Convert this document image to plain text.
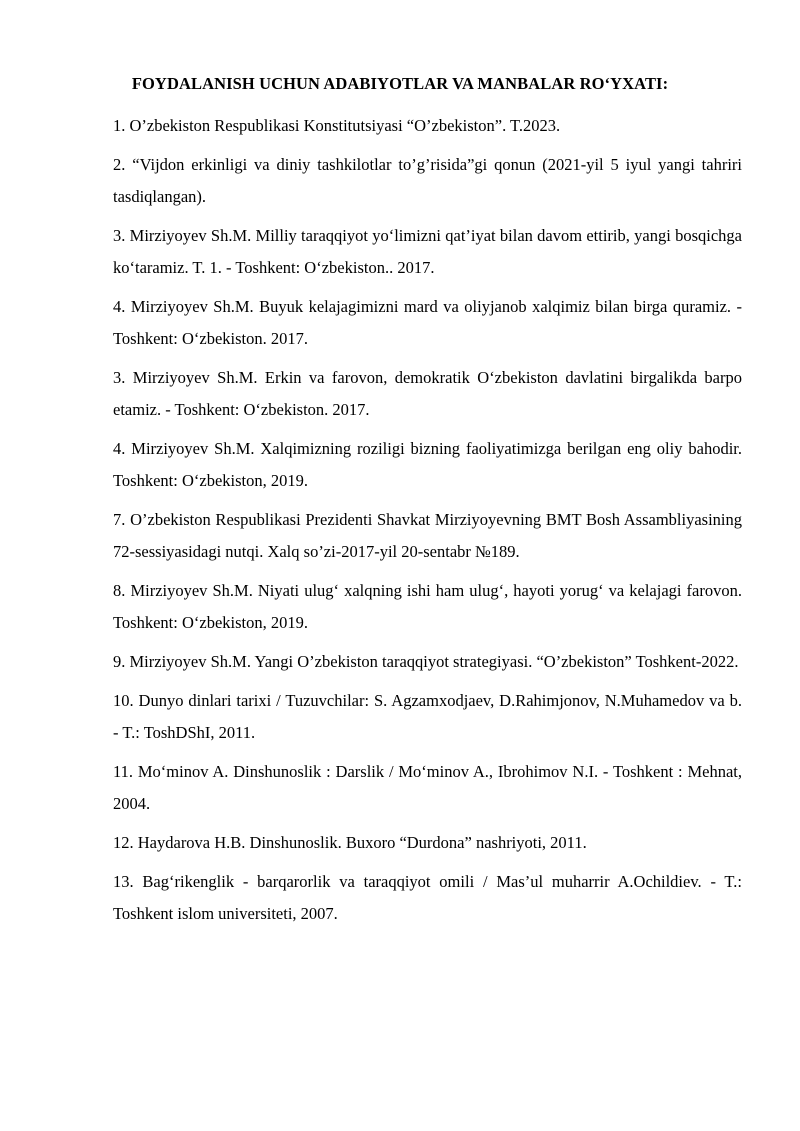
FOYDALANISH UCHUN ADABIYOTLAR VA MANBALAR RO‘YXATI:
1. O’zbekiston Respublikasi Konstitutsiyasi “O’zbekiston”. T.2023.
2. “Vijdon erkinligi va diniy tashkilotlar to’g’risida”gi qonun (2021-yil 5 iyul yangi tahriri tasdiqlangan).
3. Mirziyoyev Sh.M. Milliy taraqqiyot yo‘limizni qat’iyat bilan davom ettirib, yangi bosqichga ko‘taramiz. T. 1. - Toshkent: O‘zbekiston.. 2017.
4. Mirziyoyev Sh.M. Buyuk kelajagimizni mard va oliyjanob xalqimiz bilan birga quramiz. - Toshkent: O‘zbekiston. 2017.
3. Mirziyoyev Sh.M. Erkin va farovon, demokratik O‘zbekiston davlatini birgalikda barpo etamiz. - Toshkent: O‘zbekiston. 2017.
4. Mirziyoyev Sh.M. Xalqimizning roziligi bizning faoliyatimizga berilgan eng oliy bahodir. Toshkent: O‘zbekiston, 2019.
7. O’zbekiston Respublikasi Prezidenti Shavkat Mirziyoyevning BMT Bosh Assambliyasining 72-sessiyasidagi nutqi. Xalq so’zi-2017-yil 20-sentabr №189.
8. Mirziyoyev Sh.M. Niyati ulug‘ xalqning ishi ham ulug‘, hayoti yorug‘ va kelajagi farovon. Toshkent: O‘zbekiston, 2019.
9. Mirziyoyev Sh.M. Yangi O’zbekiston taraqqiyot strategiyasi. “O’zbekiston” Toshkent-2022.
10. Dunyo dinlari tarixi / Tuzuvchilar: S. Agzamxodjaev, D.Rahimjonov, N.Muhamedov va b. - T.: ToshDShI, 2011.
11. Mo‘minov A. Dinshunoslik : Darslik / Mo‘minov A., Ibrohimov N.I. - Toshkent : Mehnat, 2004.
12. Haydarova H.B. Dinshunoslik. Buxoro “Durdona” nashriyoti, 2011.
13. Bag‘rikenglik - barqarorlik va taraqqiyot omili / Mas’ul muharrir A.Ochildiev. - T.: Toshkent islom universiteti, 2007.
